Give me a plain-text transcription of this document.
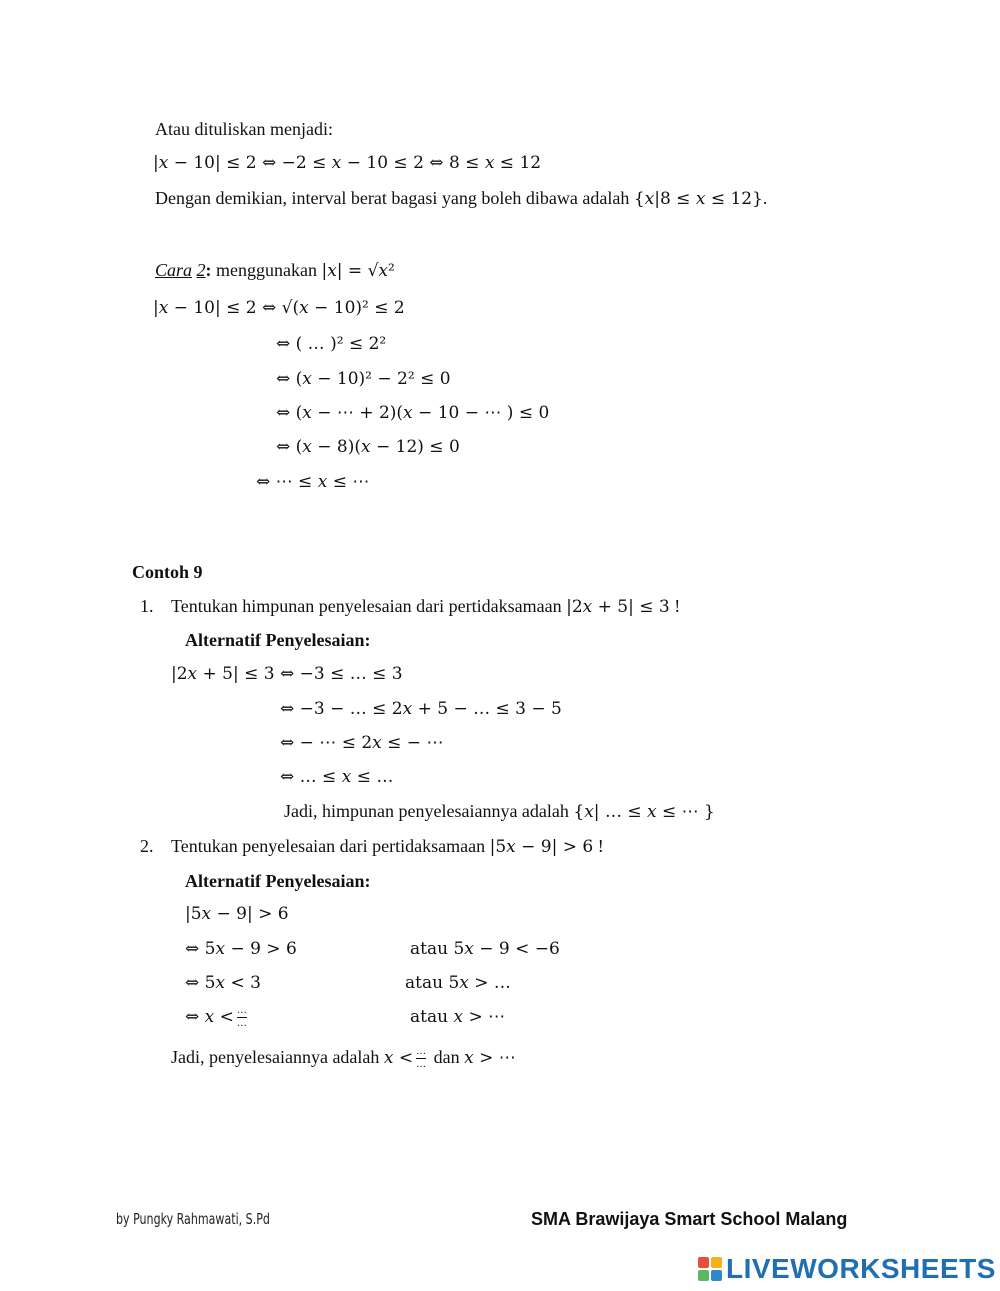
Atau dituliskan menjadi:
|𝑥 − 10| ≤ 2 ⇔ −2 ≤ 𝑥 − 10 ≤ 2 ⇔ 8 ≤ 𝑥 ≤ 12
Dengan demikian, interval berat bagasi yang boleh dibawa adalah {𝑥|8 ≤ 𝑥 ≤ 12}.
Cara 2: menggunakan |𝑥| = √𝑥²
|𝑥 − 10| ≤ 2 ⇔ √(𝑥 − 10)² ≤ 2
⇔ ( … )² ≤ 2²
⇔ (𝑥 − 10)² − 2² ≤ 0
⇔ (𝑥 − ⋯ + 2)(𝑥 − 10 − ⋯ ) ≤ 0
⇔ (𝑥 − 8)(𝑥 − 12) ≤ 0
⇔ ⋯ ≤ 𝑥 ≤ ⋯
Contoh 9
1. Tentukan himpunan penyelesaian dari pertidaksamaan |2𝑥 + 5| ≤ 3 !
Alternatif Penyelesaian:
|2𝑥 + 5| ≤ 3 ⇔ −3 ≤ … ≤ 3
⇔ −3 − … ≤ 2𝑥 + 5 − … ≤ 3 − 5
⇔ − ⋯ ≤ 2𝑥 ≤ − ⋯
⇔ … ≤ 𝑥 ≤ …
Jadi, himpunan penyelesaiannya adalah {𝑥| … ≤ 𝑥 ≤ ⋯ }
2. Tentukan penyelesaian dari pertidaksamaan |5𝑥 − 9| > 6 !
Alternatif Penyelesaian:
|5𝑥 − 9| > 6
⇔ 5𝑥 − 9 > 6	atau 5𝑥 − 9 < −6
⇔ 5𝑥 < 3	atau 5𝑥 > …
⇔ 𝑥 < $\frac{\dots}{\dots}$	atau 𝑥 > ⋯
Jadi, penyelesaiannya adalah 𝑥 < $\frac{\dots}{\dots}$ dan 𝑥 > ⋯
by Pungky Rahmawati, S.Pd	SMA Brawijaya Smart School Malang
LIVEWORKSHEETS
